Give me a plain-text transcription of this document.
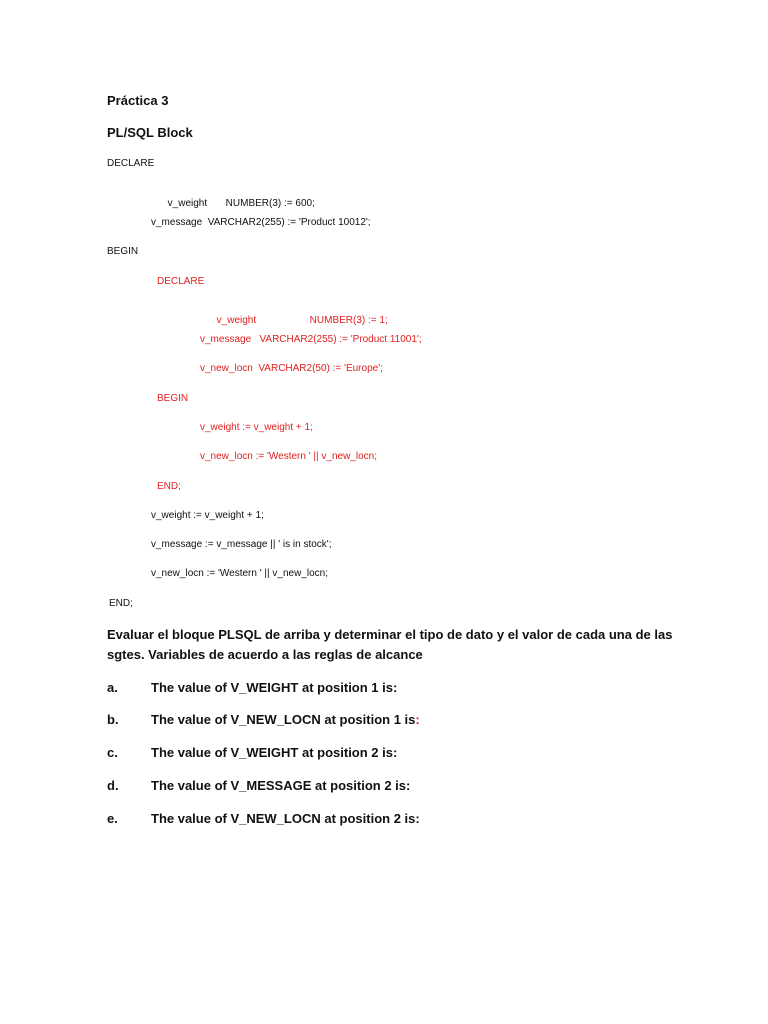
Práctica 3
PL/SQL Block
DECLARE

v_weight NUMBER(3) := 600;

v_message  VARCHAR2(255) := 'Product 10012';
BEGIN
DECLARE

v_weight	NUMBER(3) := 1;

v_message   VARCHAR2(255) := 'Product 11001';
v_new_locn  VARCHAR2(50) := 'Europe';
BEGIN
v_weight := v_weight + 1;
v_new_locn := 'Western ' || v_new_locn;
END;
v_weight := v_weight + 1;
v_message := v_message || ' is in stock';
v_new_locn := 'Western ' || v_new_locn;
END;
Evaluar el bloque PLSQL de arriba y determinar el tipo de dato y el valor de cada una de las sgtes. Variables de acuerdo a las reglas de alcance
a.	The value of V_WEIGHT at position 1 is:
b. The value of V_NEW_LOCN at position 1 is:
c.	The value of V_WEIGHT at position 2 is:
d. The value of V_MESSAGE at position 2 is:
e.	The value of V_NEW_LOCN at position 2 is:
